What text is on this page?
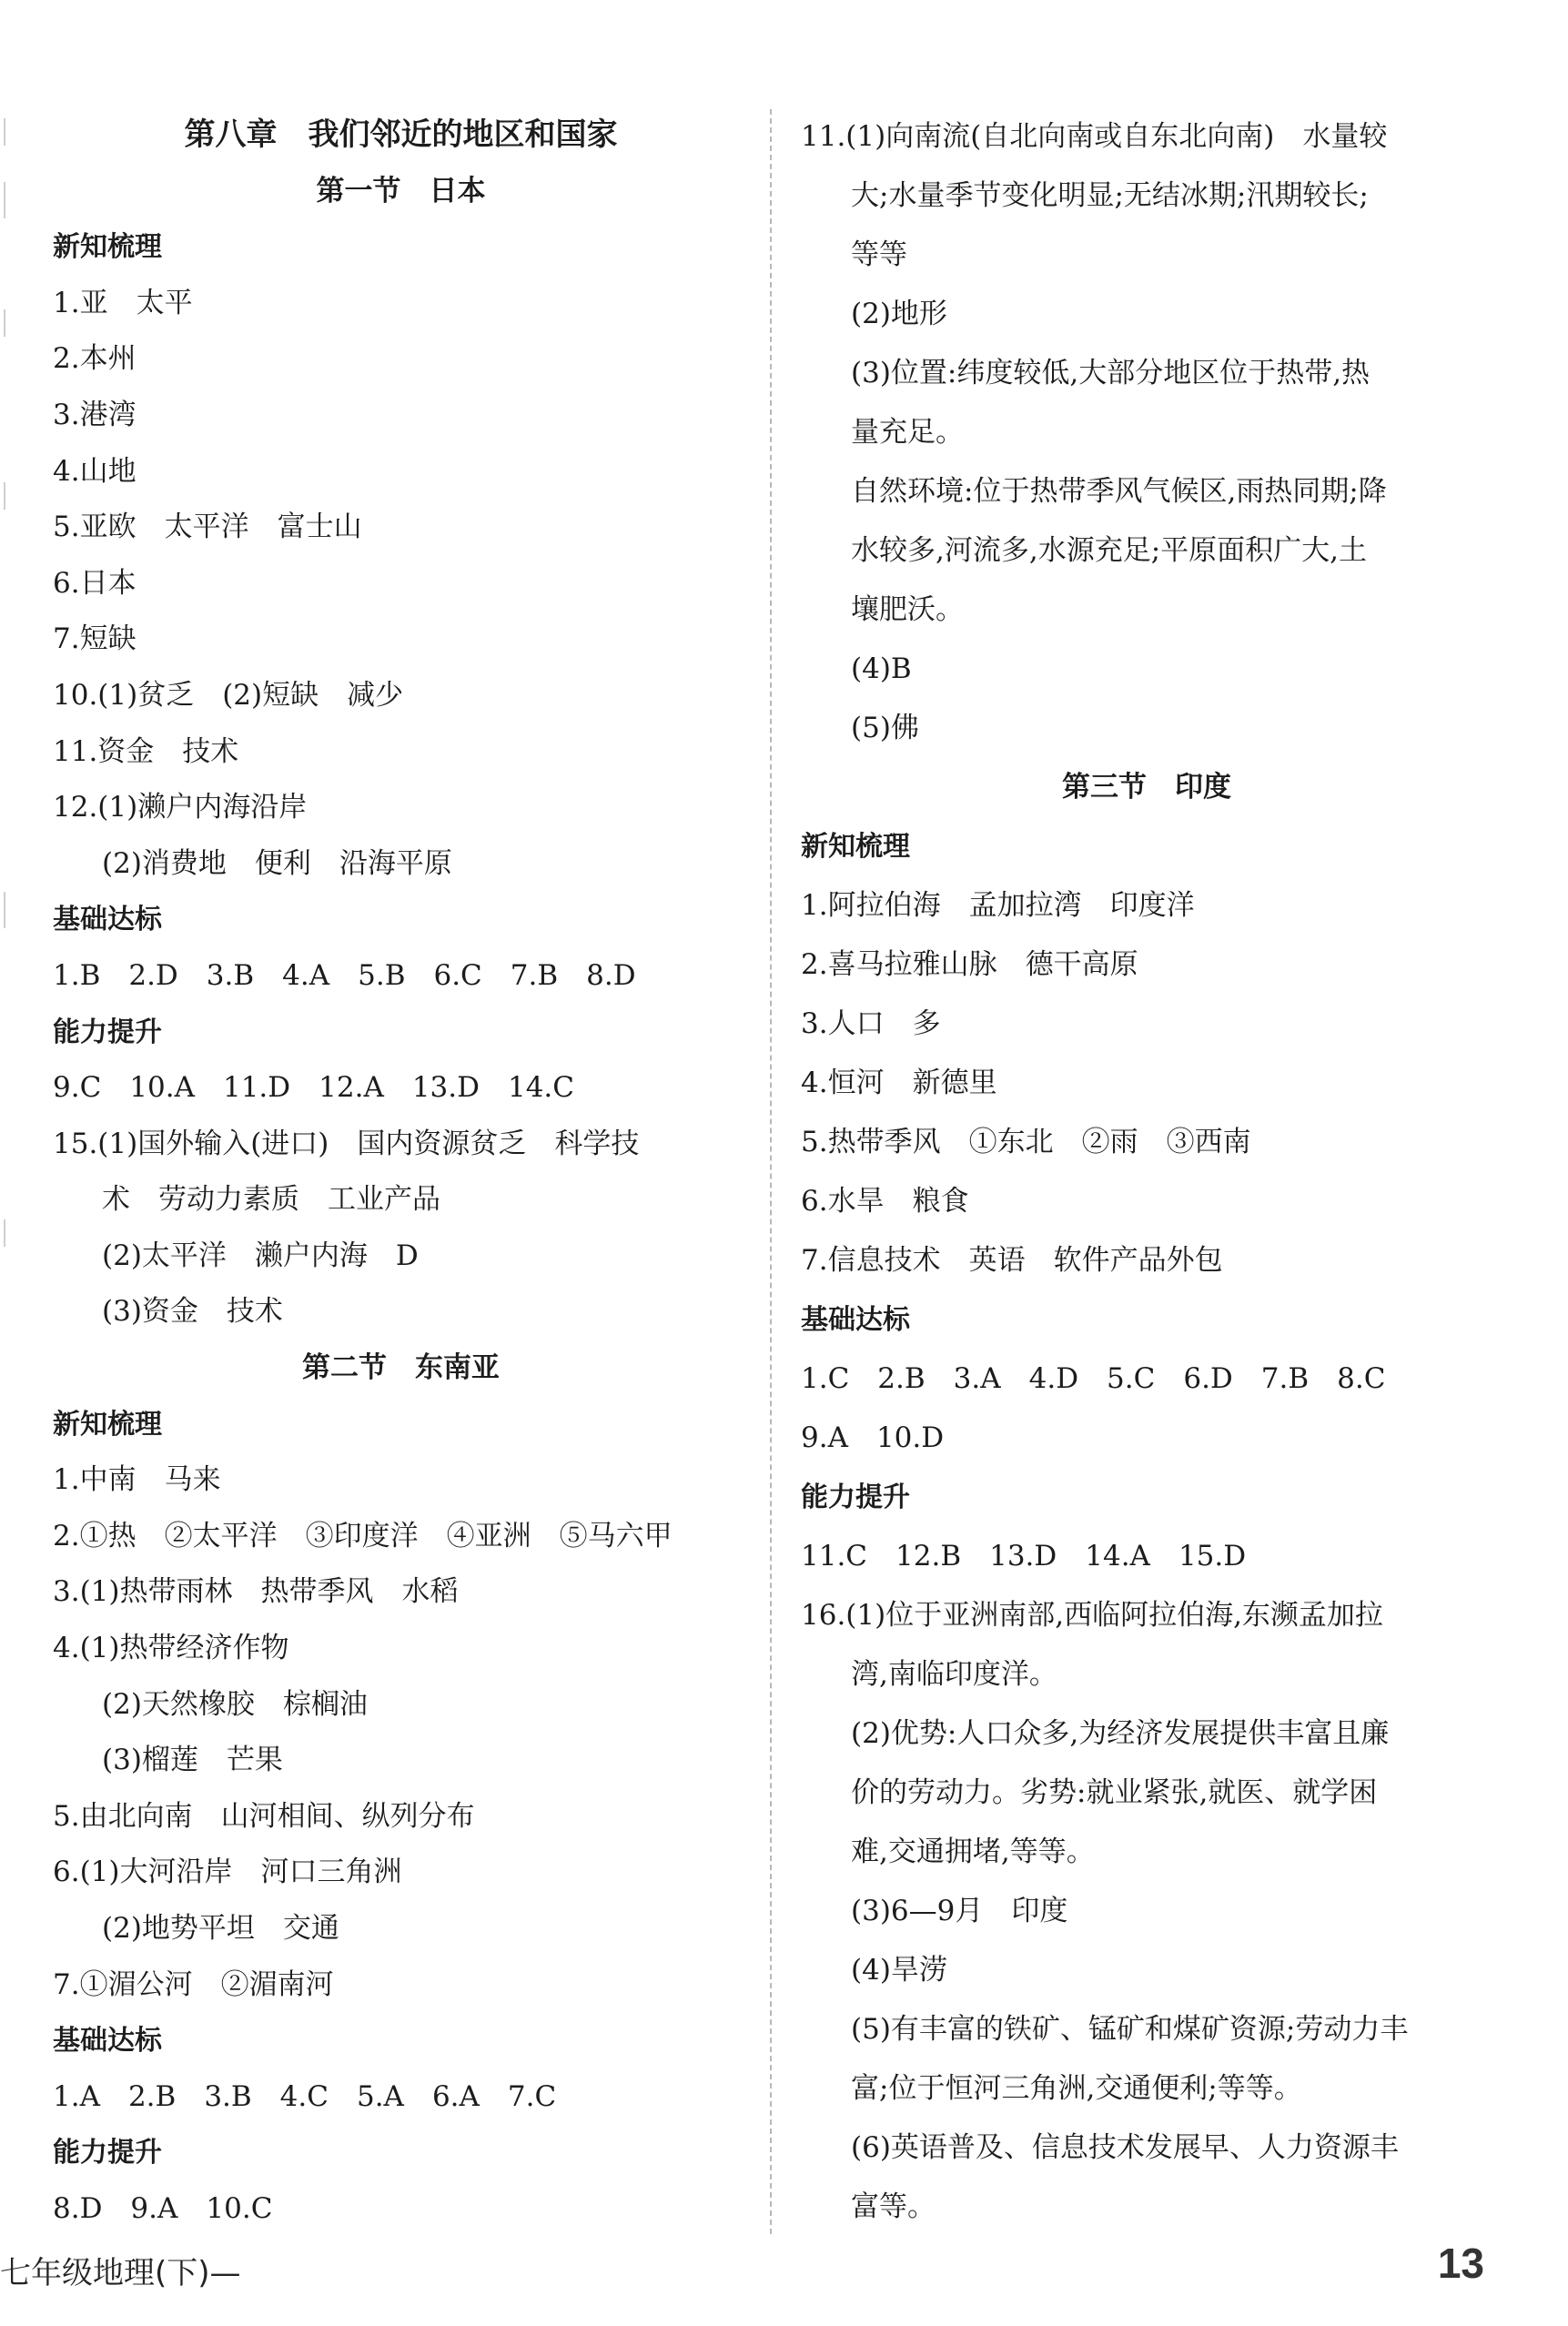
第八章　我们邻近的地区和国家
第一节　日本
新知梳理
1.亚　太平
2.本州
3.港湾
4.山地
5.亚欧　太平洋　富士山
6.日本
7.短缺
10.(1)贫乏　(2)短缺　减少
11.资金　技术
12.(1)濑户内海沿岸
(2)消费地　便利　沿海平原
基础达标
1.B　2.D　3.B　4.A　5.B　6.C　7.B　8.D
能力提升
9.C　10.A　11.D　12.A　13.D　14.C
15.(1)国外输入(进口)　国内资源贫乏　科学技
术　劳动力素质　工业产品
(2)太平洋　濑户内海　D
(3)资金　技术
第二节　东南亚
新知梳理
1.中南　马来
2.①热　②太平洋　③印度洋　④亚洲　⑤马六甲
3.(1)热带雨林　热带季风　水稻
4.(1)热带经济作物
(2)天然橡胶　棕榈油
(3)榴莲　芒果
5.由北向南　山河相间、纵列分布
6.(1)大河沿岸　河口三角洲
(2)地势平坦　交通
7.①湄公河　②湄南河
基础达标
1.A　2.B　3.B　4.C　5.A　6.A　7.C
能力提升
8.D　9.A　10.C
11.(1)向南流(自北向南或自东北向南)　水量较
大;水量季节变化明显;无结冰期;汛期较长;
等等
(2)地形
(3)位置:纬度较低,大部分地区位于热带,热
量充足。
自然环境:位于热带季风气候区,雨热同期;降
水较多,河流多,水源充足;平原面积广大,土
壤肥沃。
(4)B
(5)佛
第三节　印度
新知梳理
1.阿拉伯海　孟加拉湾　印度洋
2.喜马拉雅山脉　德干高原
3.人口　多
4.恒河　新德里
5.热带季风　①东北　②雨　③西南
6.水旱　粮食
7.信息技术　英语　软件产品外包
基础达标
1.C　2.B　3.A　4.D　5.C　6.D　7.B　8.C
9.A　10.D
能力提升
11.C　12.B　13.D　14.A　15.D
16.(1)位于亚洲南部,西临阿拉伯海,东濒孟加拉
湾,南临印度洋。
(2)优势:人口众多,为经济发展提供丰富且廉
价的劳动力。劣势:就业紧张,就医、就学困
难,交通拥堵,等等。
(3)6—9月　印度
(4)旱涝
(5)有丰富的铁矿、锰矿和煤矿资源;劳动力丰
富;位于恒河三角洲,交通便利;等等。
(6)英语普及、信息技术发展早、人力资源丰
富等。
七年级地理(下)—	13
